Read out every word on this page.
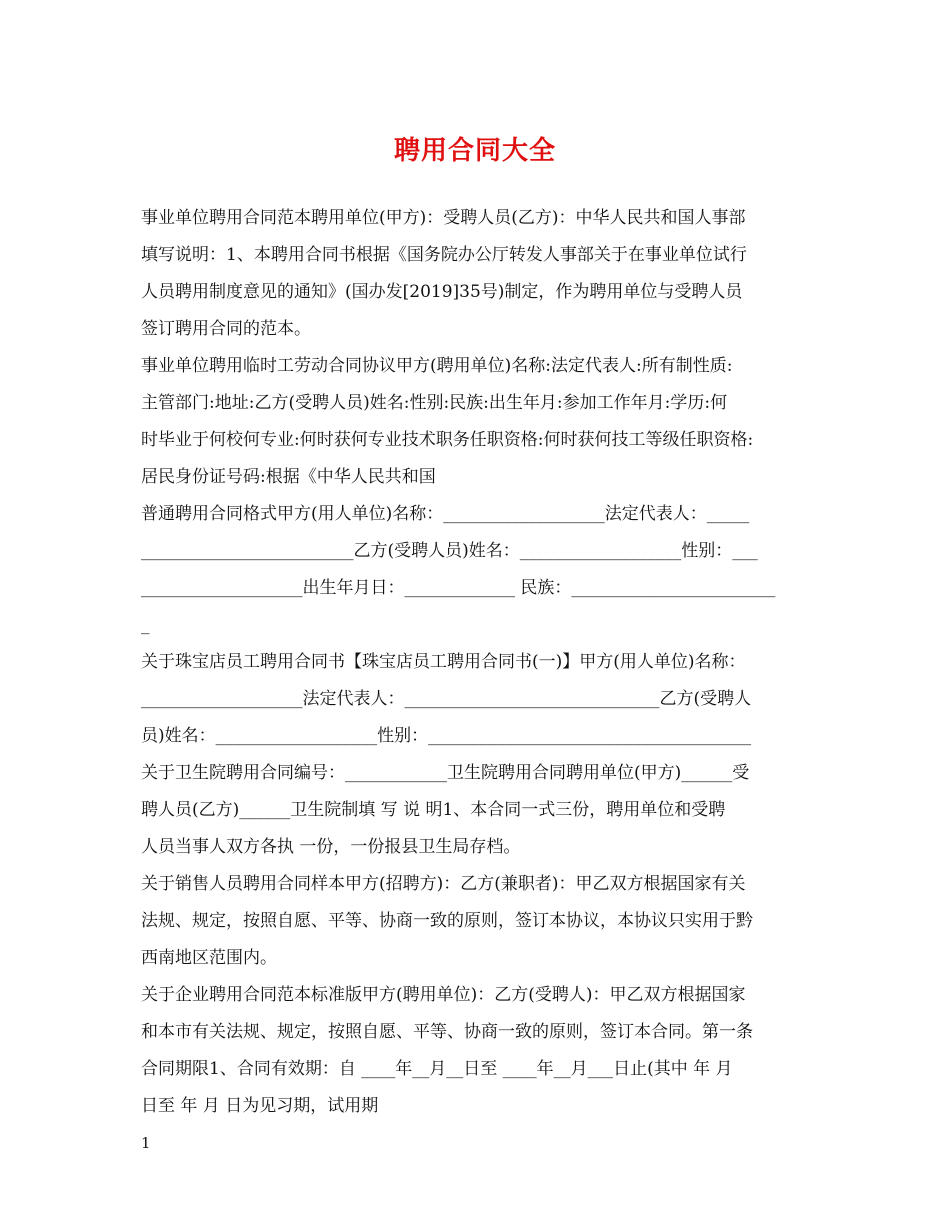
聘用合同大全
事业单位聘用合同范本聘用单位(甲方)：受聘人员(乙方)：中华人民共和国人事部
填写说明：1、本聘用合同书根据《国务院办公厅转发人事部关于在事业单位试行
人员聘用制度意见的通知》(国办发[2019]35号)制定，作为聘用单位与受聘人员
签订聘用合同的范本。
事业单位聘用临时工劳动合同协议甲方(聘用单位)名称:法定代表人:所有制性质:
主管部门:地址:乙方(受聘人员)姓名:性别:民族:出生年月:参加工作年月:学历:何
时毕业于何校何专业:何时获何专业技术职务任职资格:何时获何技工等级任职资格:
居民身份证号码:根据《中华人民共和国
普通聘用合同格式甲方(用人单位)名称：___________________法定代表人：_____
_________________________乙方(受聘人员)姓名：___________________性别：___
___________________出生年月日：_____________ 民族：________________________
_
关于珠宝店员工聘用合同书【珠宝店员工聘用合同书(一)】甲方(用人单位)名称：
___________________法定代表人：______________________________乙方(受聘人
员)姓名：___________________性别：______________________________________
关于卫生院聘用合同编号：____________卫生院聘用合同聘用单位(甲方)______受
聘人员(乙方)______卫生院制填 写 说 明1、本合同一式三份，聘用单位和受聘
人员当事人双方各执 一份，一份报县卫生局存档。
关于销售人员聘用合同样本甲方(招聘方)：乙方(兼职者)：甲乙双方根据国家有关
法规、规定，按照自愿、平等、协商一致的原则，签订本协议，本协议只实用于黔
西南地区范围内。
关于企业聘用合同范本标准版甲方(聘用单位)：乙方(受聘人)：甲乙双方根据国家
和本市有关法规、规定，按照自愿、平等、协商一致的原则，签订本合同。第一条
合同期限1、合同有效期：自 ____年__月__日至 ____年__月___日止(其中 年 月
日至 年 月 日为见习期，试用期
1
